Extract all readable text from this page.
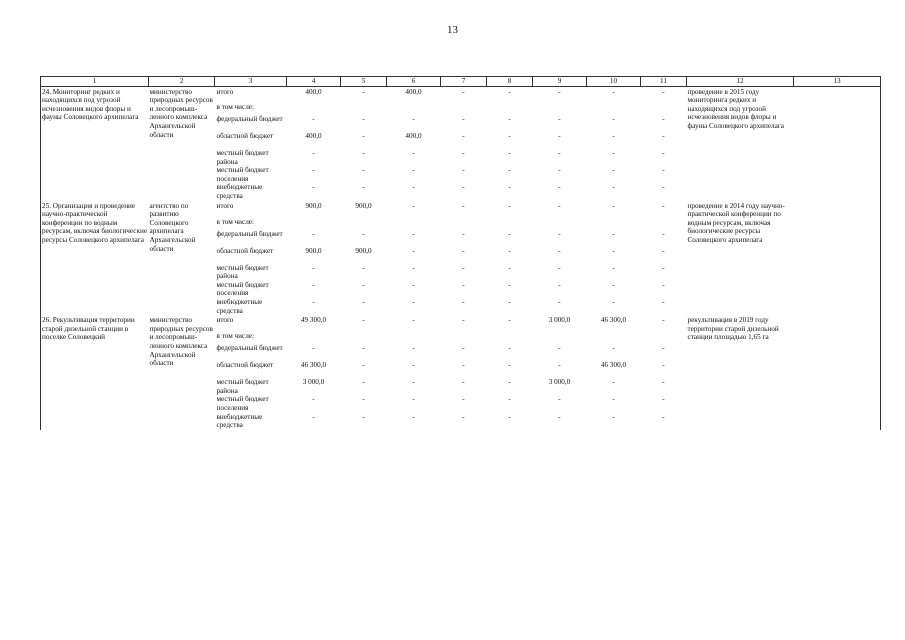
13
1	2	3	4	5	6	7	8	9	10	11	12	13
24. Мониторинг редких и находящихся под угрозой исчезновения видов флоры и фауны Соловецкого архипелага	министерство природных ресурсов и лесопромыш-ленного комплекса Архангельской области	итого	400,0	-	400,0	-	-	-	-	-	проведение в 2015 году мониторинга редких и находящихся под угрозой исчезновения видов флоры и фауны Соловецкого архипелага	
		в том числе:										
		федеральный бюджет	-	-	-	-	-	-	-	-		
		областной бюджет	400,0	-	400,0	-	-	-	-	-		
		местный бюджет района	-	-	-	-	-	-	-	-		
		местный бюджет поселения	-	-	-	-	-	-	-	-		
		внебюджетные средства	-	-	-	-	-	-	-	-		
25. Организация и проведение научно-практической конференции по водным ресурсам, включая биологические ресурсы Соловецкого архипелага	агентство по развитию Соловецкого архипелага Архангельской области	итого	900,0	900,0	-	-	-	-	-	-	проведение в 2014 году научно-практической конференции по водным ресурсам, включая биологические ресурсы Соловецкого архипелага	
		в том числе:										
		федеральный бюджет	-	-	-	-	-	-	-	-		
		областной бюджет	900,0	900,0	-	-	-	-	-	-		
		местный бюджет района	-	-	-	-	-	-	-	-		
		местный бюджет поселения	-	-	-	-	-	-	-	-		
		внебюджетные средства	-	-	-	-	-	-	-	-		
26. Рекультивация территории старой дизельной станции в поселке Соловецкий	министерство природных ресурсов и лесопромыш-ленного комплекса Архангельской области	итого	49 300,0	-	-	-	-	3 000,0	46 300,0	-	рекультивация в 2019 году территории старой дизельной станции площадью 1,65 га	
		в том числе:										
		федеральный бюджет	-	-	-	-	-	-	-	-		
		областной бюджет	46 300,0	-	-	-	-	-	46 300,0	-		
		местный бюджет района	3 000,0	-	-	-	-	3 000,0	-	-		
		местный бюджет поселения	-	-	-	-	-	-	-	-		
		внебюджетные средства	-	-	-	-	-	-	-	-		
